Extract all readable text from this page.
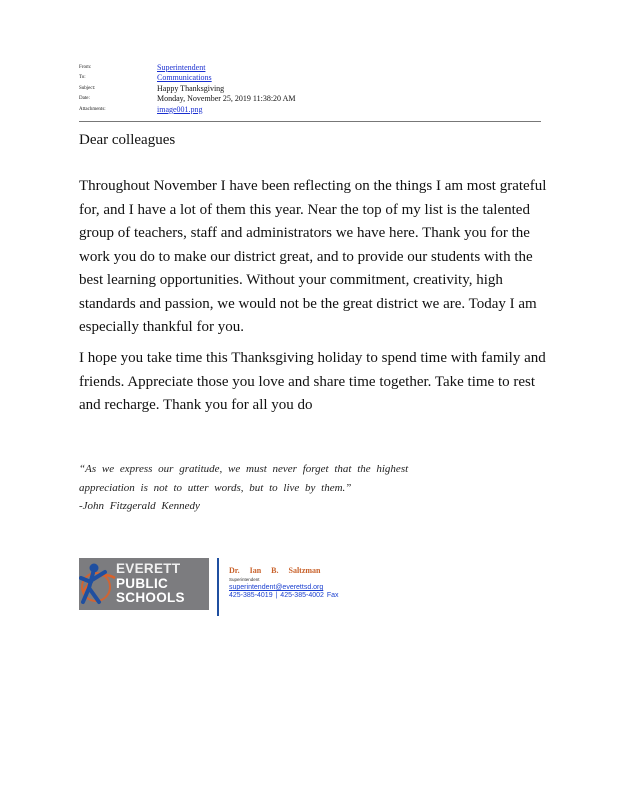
From:	Superintendent
To:	Communications
Subject:	Happy Thanksgiving
Date:	Monday, November 25, 2019 11:38:20 AM
Attachments:	image001.png
Dear colleagues

Throughout November I have been reflecting on the things I am most grateful for, and I have a lot of them this year. Near the top of my list is the talented group of teachers, staff and administrators we have here. Thank you for the work you do to make our district great, and to provide our students with the best learning opportunities. Without your commitment, creativity, high standards and passion, we would not be the great district we are. Today I am especially thankful for you.

I hope you take time this Thanksgiving holiday to spend time with family and friends. Appreciate those you love and share time together. Take time to rest and recharge. Thank you for all you do

“As we express our gratitude, we must never forget that the highest
appreciation is not to utter words, but to live by them.”
-John Fitzgerald Kennedy
EVERETT
PUBLIC
SCHOOLS
Dr. Ian B. Saltzman
Superintendent
superintendent@everettsd.org
425-385-4019 | 425-385-4002 Fax
